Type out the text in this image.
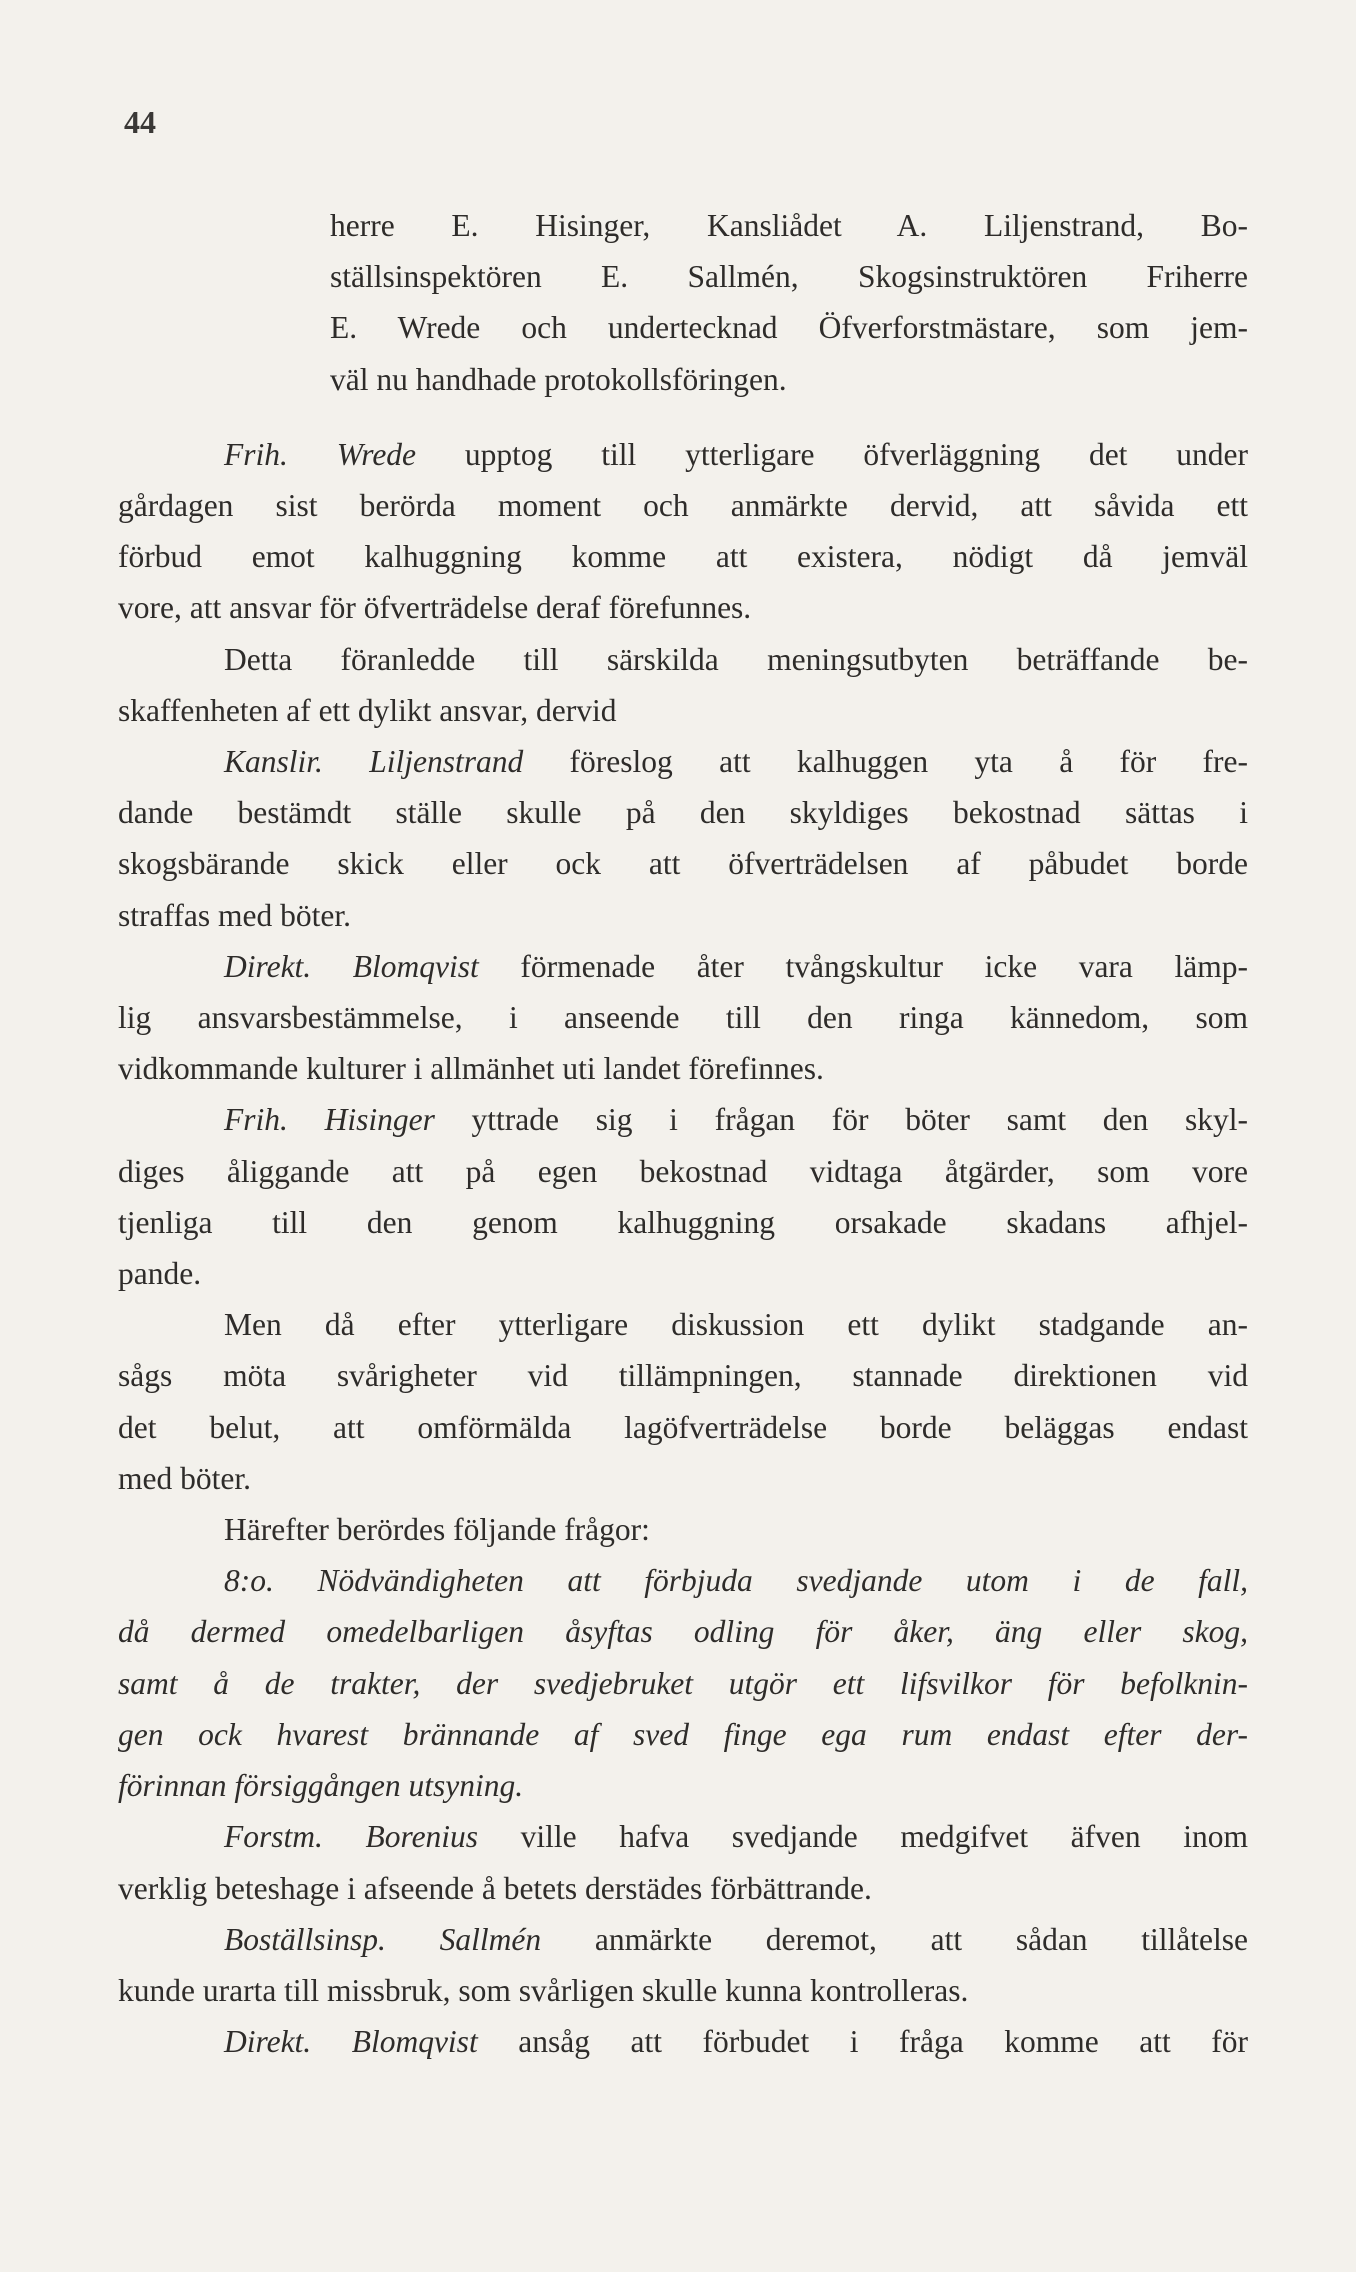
44
herre E. Hisinger, Kansliådet A. Liljenstrand, Bo-
ställsinspektören E. Sallmén, Skogsinstruktören Friherre
E. Wrede och undertecknad Öfverforstmästare, som jem-
väl nu handhade protokollsföringen.
Frih. Wrede upptog till ytterligare öfverläggning det under
gårdagen sist berörda moment och anmärkte dervid, att såvida ett
förbud emot kalhuggning komme att existera, nödigt då jemväl
vore, att ansvar för öfverträdelse deraf förefunnes.
Detta föranledde till särskilda meningsutbyten beträffande be-
skaffenheten af ett dylikt ansvar, dervid
Kanslir. Liljenstrand föreslog att kalhuggen yta å för fre-
dande bestämdt ställe skulle på den skyldiges bekostnad sättas i
skogsbärande skick eller ock att öfverträdelsen af påbudet borde
straffas med böter.
Direkt. Blomqvist förmenade åter tvångskultur icke vara lämp-
lig ansvarsbestämmelse, i anseende till den ringa kännedom, som
vidkommande kulturer i allmänhet uti landet förefinnes.
Frih. Hisinger yttrade sig i frågan för böter samt den skyl-
diges åliggande att på egen bekostnad vidtaga åtgärder, som vore
tjenliga till den genom kalhuggning orsakade skadans afhjel-
pande.
Men då efter ytterligare diskussion ett dylikt stadgande an-
sågs möta svårigheter vid tillämpningen, stannade direktionen vid
det belut, att omförmälda lagöfverträdelse borde beläggas endast
med böter.
Härefter berördes följande frågor:
8:o. Nödvändigheten att förbjuda svedjande utom i de fall,
då dermed omedelbarligen åsyftas odling för åker, äng eller skog,
samt å de trakter, der svedjebruket utgör ett lifsvilkor för befolknin-
gen ock hvarest brännande af sved finge ega rum endast efter der-
förinnan försiggången utsyning.
Forstm. Borenius ville hafva svedjande medgifvet äfven inom
verklig beteshage i afseende å betets derstädes förbättrande.
Boställsinsp. Sallmén anmärkte deremot, att sådan tillåtelse
kunde urarta till missbruk, som svårligen skulle kunna kontrolleras.
Direkt. Blomqvist ansåg att förbudet i fråga komme att för
